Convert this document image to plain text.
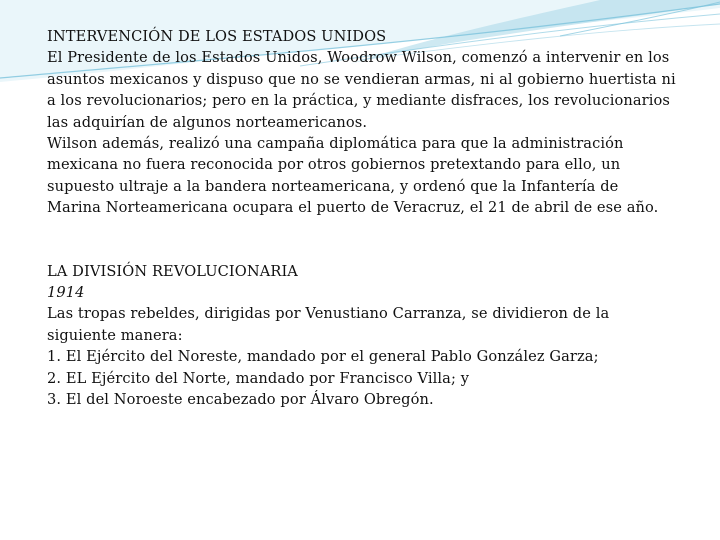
INTERVENCIÓN DE LOS ESTADOS UNIDOS

El Presidente de los Estados Unidos, Woodrow Wilson, comenzó a intervenir en los asuntos mexicanos y dispuso que no se vendieran armas, ni al gobierno huertista ni a los revolucionarios; pero en la práctica, y mediante disfraces, los revolucionarios las adquirían de algunos norteamericanos.

Wilson además, realizó una campaña diplomática para que la administración mexicana no fuera reconocida por otros gobiernos pretextando para ello, un supuesto ultraje a la bandera norteamericana, y ordenó que la Infantería de Marina Norteamericana ocupara el puerto de Veracruz, el 21 de abril de ese año.

LA DIVISIÓN REVOLUCIONARIA

1914

Las tropas rebeldes, dirigidas por Venustiano Carranza, se dividieron de la siguiente manera:

1. El Ejército del Noreste, mandado por el general Pablo González Garza;

2. EL Ejército del Norte, mandado por Francisco Villa; y

3. El del Noroeste encabezado por Álvaro Obregón.
